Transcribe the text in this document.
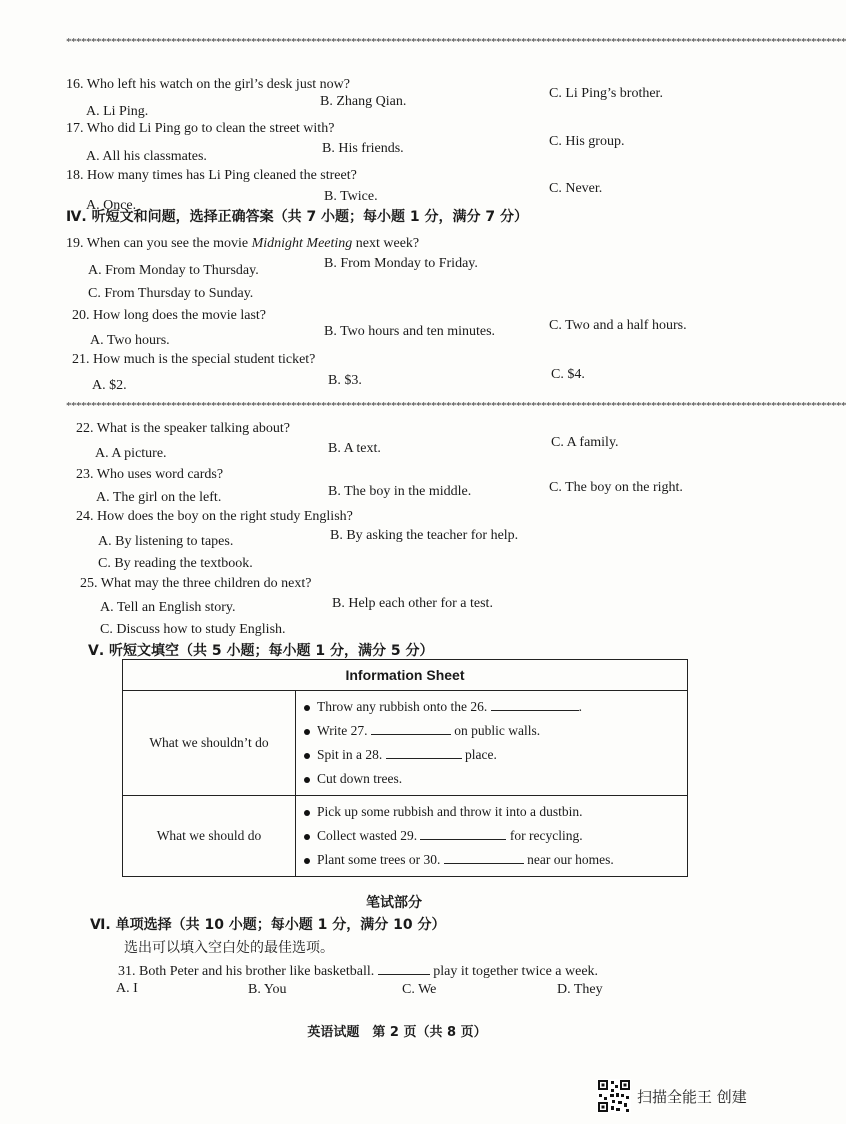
************************************************************************************************************************************************************
16. Who left his watch on the girl’s desk just now?
A. Li Ping.
B. Zhang Qian.
C. Li Ping’s brother.
17. Who did Li Ping go to clean the street with?
A. All his classmates.
B. His friends.	C. His group.
18. How many times has Li Ping cleaned the street?
A. Once.
B. Twice.
C. Never.
Ⅳ. 听短文和问题，选择正确答案（共 7 小题；每小题 1 分，满分 7 分）
19. When can you see the movie Midnight Meeting next week?
A. From Monday to Thursday.	B. From Monday to Friday.
C. From Thursday to Sunday.
20. How long does the movie last?
A. Two hours.
B. Two hours and ten minutes.	C. Two and a half hours.
21. How much is the special student ticket?
A. $2.	B. $3.	C. $4.
************************************************************************************************************************************************************
22. What is the speaker talking about?
A. A picture.	B. A text.	C. A family.
23. Who uses word cards?
A. The girl on the left.	B. The boy in the middle.	C. The boy on the right.
24. How does the boy on the right study English?
A. By listening to tapes.	B. By asking the teacher for help.
C. By reading the textbook.
25. What may the three children do next?
A. Tell an English story.	B. Help each other for a test.
C. Discuss how to study English.
Ⅴ. 听短文填空（共 5 小题；每小题 1 分，满分 5 分）
Information Sheet	
What we shouldn’t do	Throw any rubbish onto the 26. .
Write 27. on public walls.
Spit in a 28. place.
Cut down trees.

What we should do	Pick up some rubbish and throw it into a dustbin.
Collect wasted 29. for recycling.
Plant some trees or 30. near our homes.
笔试部分
Ⅵ. 单项选择（共 10 小题；每小题 1 分，满分 10 分）
选出可以填入空白处的最佳选项。
31. Both Peter and his brother like basketball.	play it together twice a week.
A. I	B. You	C. We	D. They
英语试题　第 2 页（共 8 页）
扫描全能王 创建
